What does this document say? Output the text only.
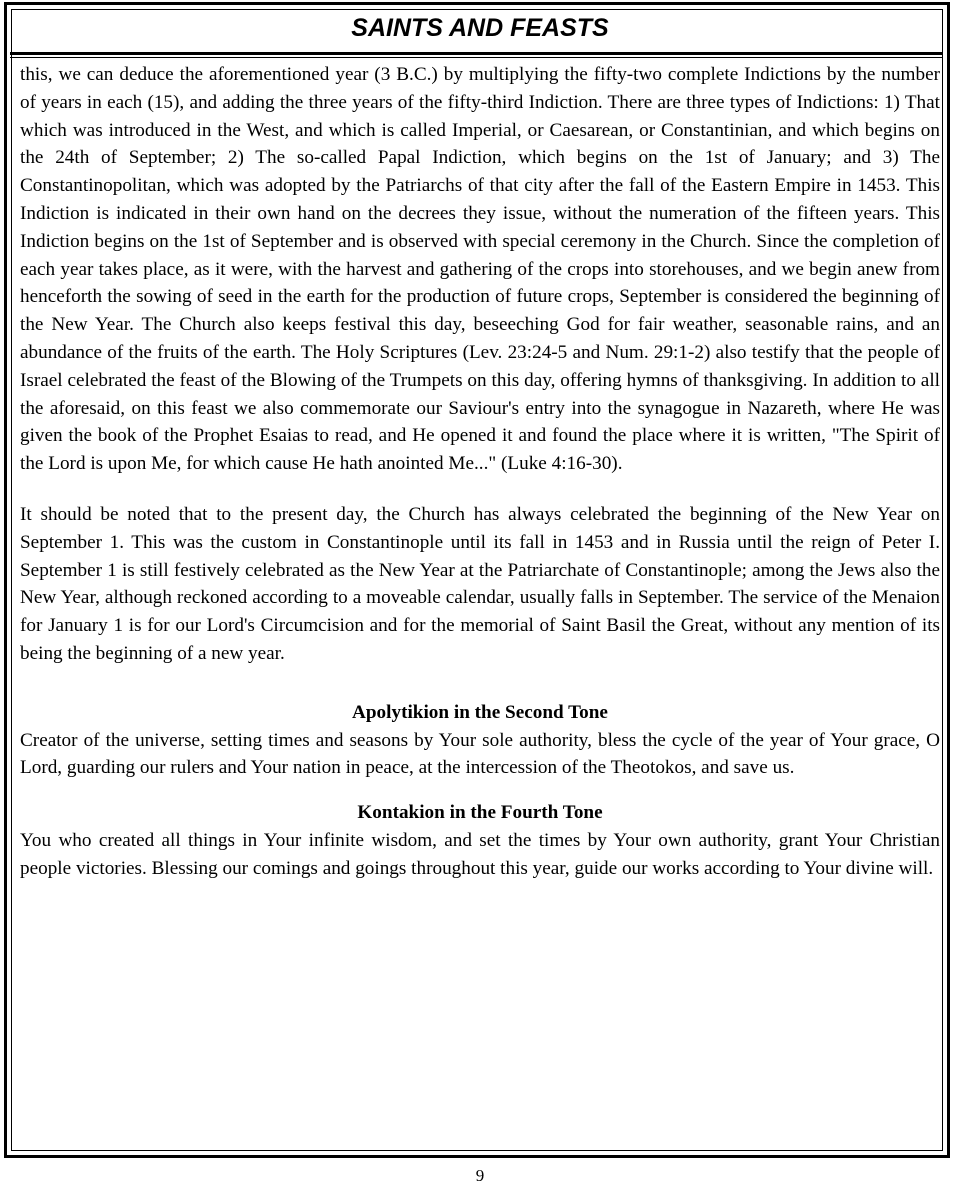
SAINTS AND FEASTS

this, we can deduce the aforementioned year (3 B.C.) by multiplying the fifty-two complete Indictions by the number of years in each (15), and adding the three years of the fifty-third Indiction. There are three types of Indictions: 1) That which was introduced in the West, and which is called Imperial, or Caesarean, or Constantinian, and which begins on the 24th of September; 2) The so-called Papal Indiction, which begins on the 1st of January; and 3) The Constantinopolitan, which was adopted by the Patriarchs of that city after the fall of the Eastern Empire in 1453. This Indiction is indicated in their own hand on the decrees they issue, without the numeration of the fifteen years. This Indiction begins on the 1st of September and is observed with special ceremony in the Church. Since the completion of each year takes place, as it were, with the harvest and gathering of the crops into storehouses, and we begin anew from henceforth the sowing of seed in the earth for the production of future crops, September is considered the beginning of the New Year. The Church also keeps festival this day, beseeching God for fair weather, seasonable rains, and an abundance of the fruits of the earth. The Holy Scriptures (Lev. 23:24-5 and Num. 29:1-2) also testify that the people of Israel celebrated the feast of the Blowing of the Trumpets on this day, offering hymns of thanksgiving. In addition to all the aforesaid, on this feast we also commemorate our Saviour's entry into the synagogue in Nazareth, where He was given the book of the Prophet Esaias to read, and He opened it and found the place where it is written, "The Spirit of the Lord is upon Me, for which cause He hath anointed Me..." (Luke 4:16-30).

It should be noted that to the present day, the Church has always celebrated the beginning of the New Year on September 1. This was the custom in Constantinople until its fall in 1453 and in Russia until the reign of Peter I. September 1 is still festively celebrated as the New Year at the Patriarchate of Constantinople; among the Jews also the New Year, although reckoned according to a moveable calendar, usually falls in September. The service of the Menaion for January 1 is for our Lord's Circumcision and for the memorial of Saint Basil the Great, without any mention of its being the beginning of a new year.

Apolytikion in the Second Tone

Creator of the universe, setting times and seasons by Your sole authority, bless the cycle of the year of Your grace, O Lord, guarding our rulers and Your nation in peace, at the intercession of the Theotokos, and save us.

Kontakion in the Fourth Tone

You who created all things in Your infinite wisdom, and set the times by Your own authority, grant Your Christian people victories. Blessing our comings and goings throughout this year, guide our works according to Your divine will.

9
